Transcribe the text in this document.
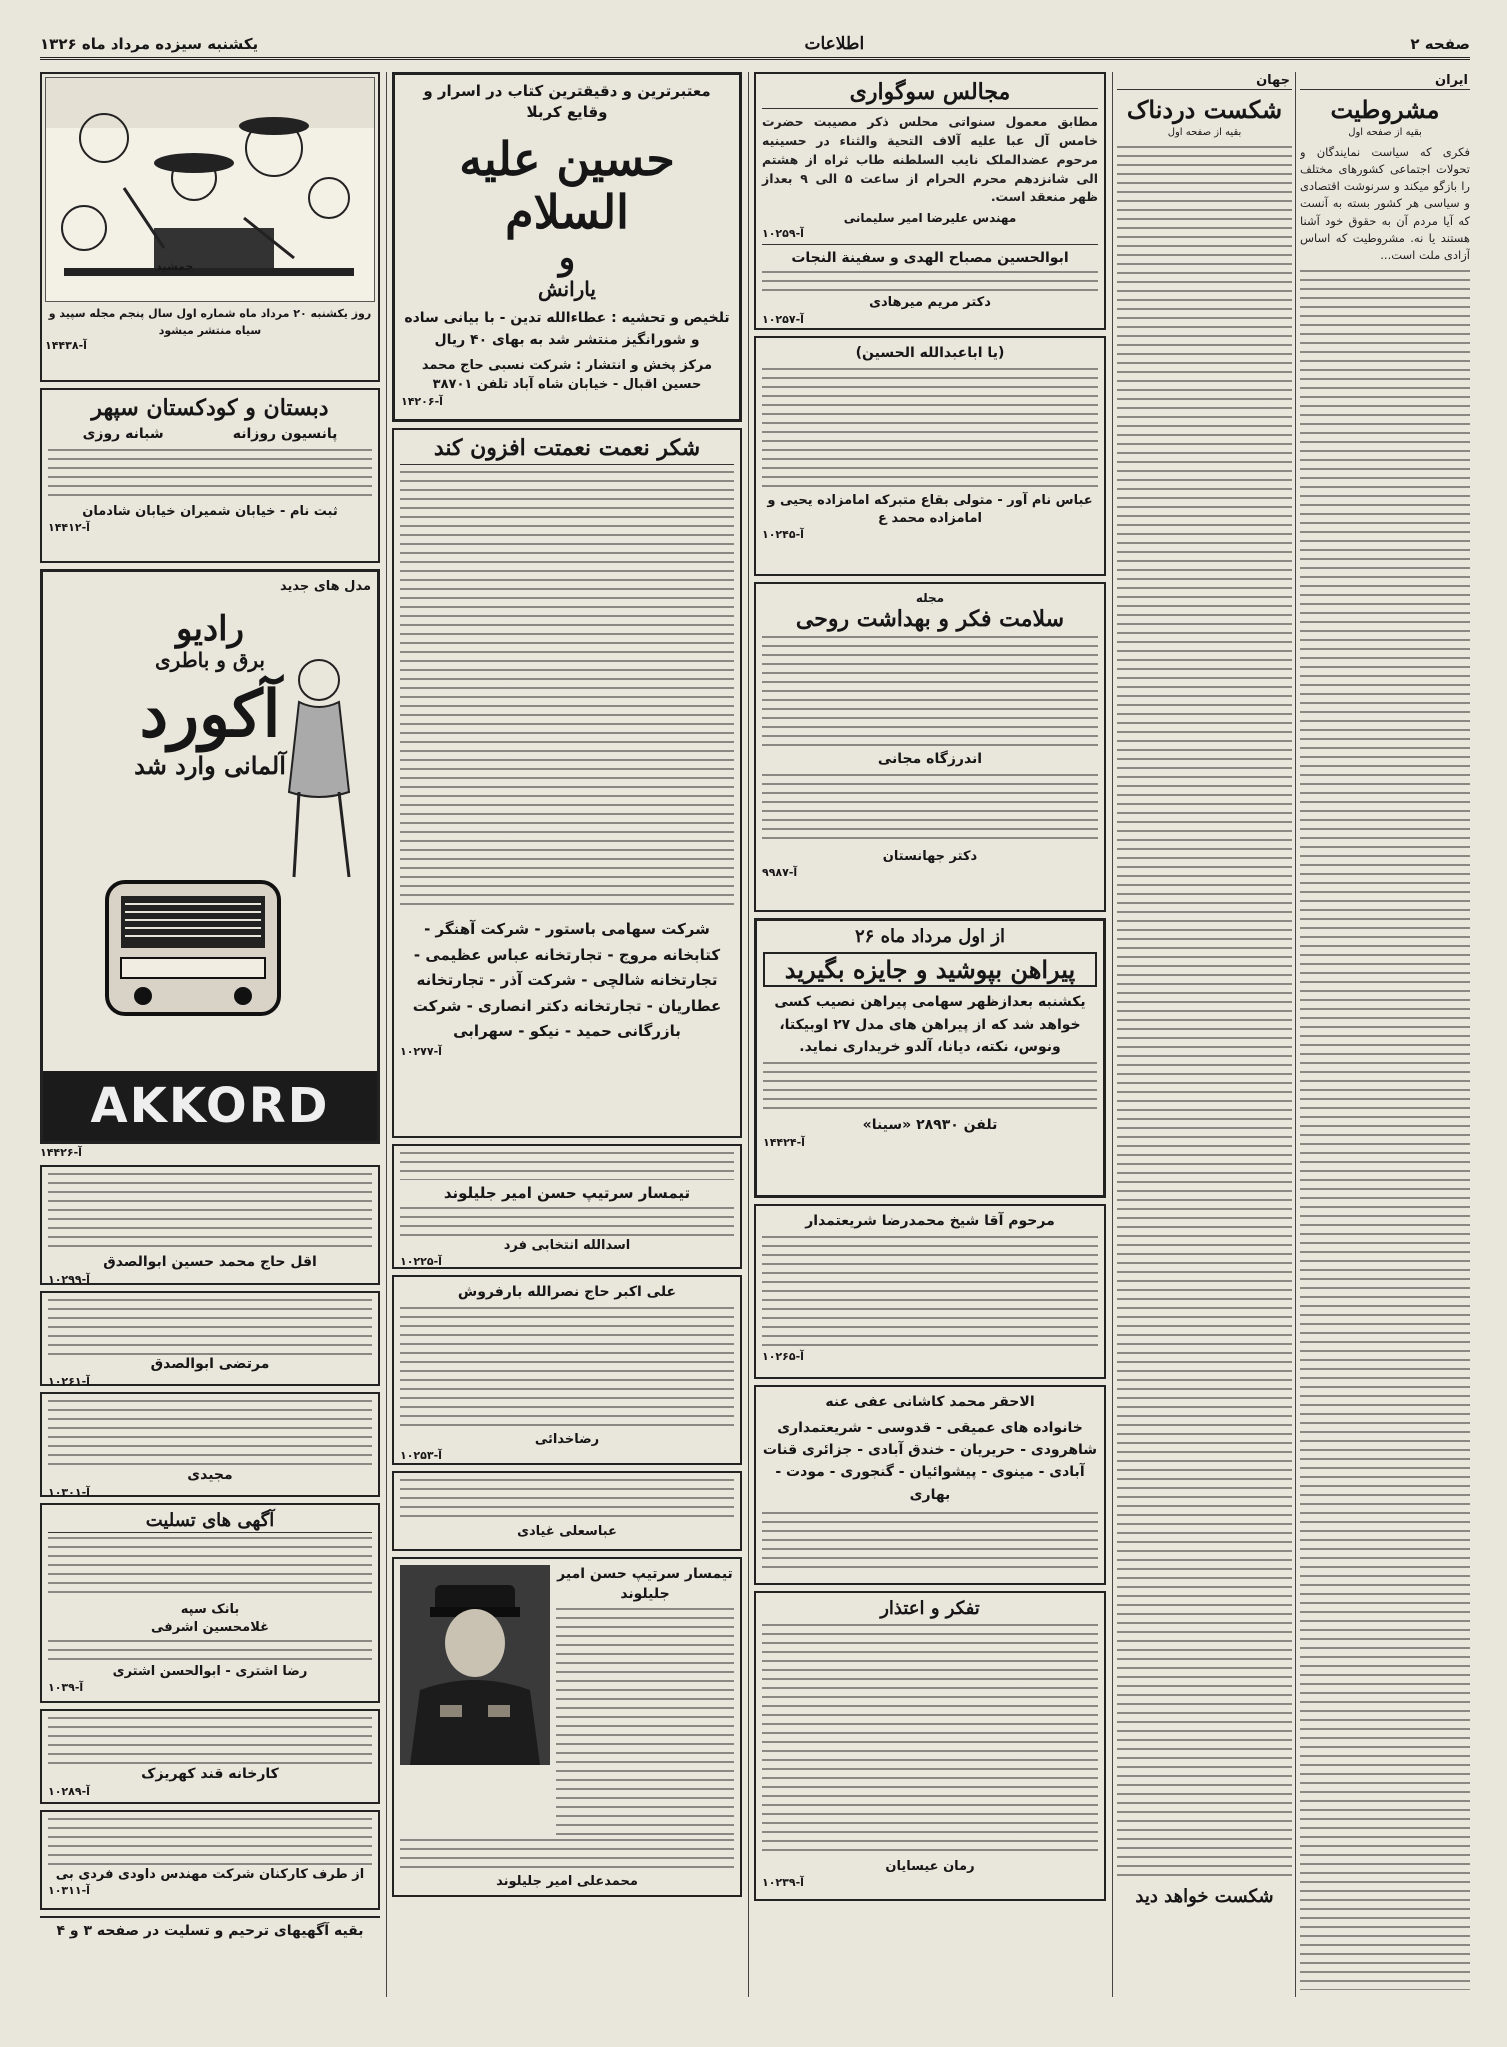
صفحه ۲
اطلاعات
یکشنبه سیزده مرداد ماه ۱۳۲۶
ایران
مشروطیت
بقیه از صفحه اول
فکری که سیاست نمایندگان و تحولات اجتماعی کشورهای مختلف را بازگو میکند و سرنوشت اقتصادی و سیاسی هر کشور بسته به آنست که آیا مردم آن به حقوق خود آشنا هستند یا نه. مشروطیت که اساس آزادی ملت است...
جهان
شکست دردناک
بقیه از صفحه اول
شکست خواهد دید
مجالس سوگواری
مطابق معمول سنواتی محلس ذکر مصیبت حضرت خامس آل عبا علیه آلاف التحیة والثناء در حسینیه مرحوم عضدالملک نایب السلطنه طاب ثراه از هشتم الی شانزدهم محرم الحرام از ساعت ۵ الی ۹ بعداز ظهر منعقد است.
مهندس علیرضا امیر سلیمانی
آ-۱۰۲۵۹
ابوالحسین مصباح الهدی و سفینة النجات
دکتر مریم میرهادی
آ-۱۰۲۵۷
(یا اباعبدالله الحسین)
عباس نام آور - متولی بقاع متبرکه امامزاده یحیی و امامزاده محمد ع
آ-۱۰۲۴۵
مجله
سلامت فکر و بهداشت روحی
اندرزگاه مجانی
دکتر جهانستان
آ-۹۹۸۷
از اول مرداد ماه ۲۶
پیراهن بپوشید و جایزه بگیرید
یکشنبه بعدازظهر سهامی پیراهن نصیب کسی خواهد شد که از پیراهن های مدل ۲۷ اوبیکتا، ونوس، نکته، دیانا، آلدو خریداری نماید.
تلفن ۲۸۹۳۰ «سینا»
آ-۱۴۴۲۴
مرحوم آقا شیخ محمدرضا شریعتمدار
آ-۱۰۲۶۵
الاحقر محمد کاشانی عفی عنه
خانواده های عمیقی - قدوسی - شریعتمداری شاهرودی - حریریان - خندق آبادی - جزائری قنات آبادی - مینوی - پیشوائیان - گنجوری - مودت - بهاری
تفکر و اعتذار
رمان عیسایان
آ-۱۰۲۳۹
معتبرترین و دقیقترین کتاب در اسرار و وقایع کربلا
حسین علیه السلام
و
یارانش
تلخیص و تحشیه : عطاءالله تدین - با بیانی ساده و شورانگیز منتشر شد به بهای ۴۰ ریال
مرکز پخش و انتشار : شرکت نسبی حاج محمد حسین اقبال - خیابان شاه آباد تلفن ۳۸۷۰۱
آ-۱۴۲۰۶
شکر نعمت نعمتت افزون کند
شرکت سهامی باستور - شرکت آهنگر - کتابخانه مروج - تجارتخانه عباس عظیمی - تجارتخانه شالچی - شرکت آذر - تجارتخانه عطاریان - تجارتخانه دکتر انصاری - شرکت بازرگانی حمید - نیکو - سهرابی
آ-۱۰۲۷۷
تیمسار سرتیپ حسن امیر جلیلوند
اسدالله انتخابی فرد
آ-۱۰۲۲۵
علی اکبر حاج نصرالله بارفروش
رضاخدائی
آ-۱۰۲۵۳
عباسعلی غیادی
تیمسار سرتیپ حسن امیر جلیلوند
محمدعلی امیر جلیلوند
جمشید
روز یکشنبه ۲۰ مرداد ماه شماره اول سال پنجم مجله سپید و سیاه منتشر میشود
آ-۱۴۴۳۸
دبستان و کودکستان سپهر
پانسیون روزانه
شبانه روزی
ثبت نام - خیابان شمیران خیابان شادمان
آ-۱۴۴۱۲
مدل های جدید
رادیو
برق و باطری
آکورد
آلمانی وارد شد
AKKORD
آ-۱۴۴۲۶
اقل حاج محمد حسین ابوالصدق
آ-۱۰۲۹۹
مرتضی ابوالصدق
آ-۱۰۲۶۱
مجیدی
آ-۱۰۳۰۱
آگهی های تسلیت
بانک سپه
غلامحسین اشرفی
رضا اشتری - ابوالحسن اشتری
آ-۱۰۳۹
کارخانه قند کهریزک
آ-۱۰۲۸۹
از طرف کارکنان شرکت مهندس داودی فردی بی
آ-۱۰۳۱۱
بقیه آگهیهای ترحیم و تسلیت در صفحه ۳ و ۴
